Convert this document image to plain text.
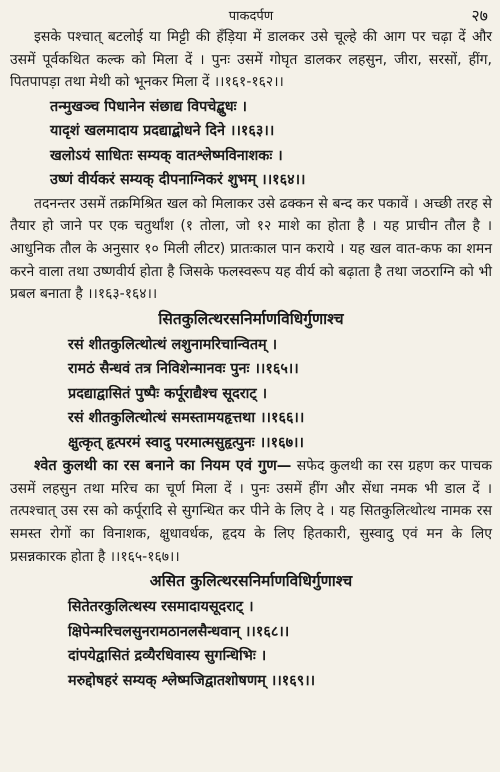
पाकदर्पण	२७

इसके पश्चात् बटलोई या मिट्टी की हँड़िया में डालकर उसे चूल्हे की आग पर चढ़ा दें और उसमें पूर्वकथित कल्क को मिला दें । पुनः उसमें गोघृत डालकर लहसुन, जीरा, सरसों, हींग, पितपापड़ा तथा मेथी को भूनकर मिला दें ।।१६१-१६२।।

तन्मुखञ्च पिधानेन संछाद्य विपचेद्बुधः ।

यादृशं खलमादाय प्रदद्याद्बोधने दिने ।।१६३।।

खलोऽयं साधितः सम्यक् वातश्लेष्मविनाशकः ।

उष्णं वीर्यकरं सम्यक् दीपनाग्निकरं शुभम् ।।१६४।।

तदनन्तर उसमें तक्रमिश्रित खल को मिलाकर उसे ढक्कन से बन्द कर पकावें । अच्छी तरह से तैयार हो जाने पर एक चतुर्थांश (१ तोला, जो १२ माशे का होता है । यह प्राचीन तौल है । आधुनिक तौल के अनुसार १० मिली लीटर) प्रातःकाल पान कराये । यह खल वात-कफ का शमन करने वाला तथा उष्णवीर्य होता है जिसके फलस्वरूप यह वीर्य को बढ़ाता है तथा जठराग्नि को भी प्रबल बनाता है ।।१६३-१६४।।

सितकुलित्थरसनिर्माणविधिर्गुणाश्च

रसं शीतकुलित्थोत्थं लशुनामरिचान्वितम् ।

रामठं सैन्धवं तत्र निविशेन्मानवः पुनः ।।१६५।।

प्रदद्याद्वासितं पुष्पैः कर्पूराद्यैश्च सूदराट् ।

रसं शीतकुलित्थोत्थं समस्तामयहृत्तथा ।।१६६।।

क्षुत्कृत् हृत्परमं स्वादु परमात्मसुहृत्पुनः ।।१६७।।

श्वेत कुलथी का रस बनाने का नियम एवं गुण— सफेद कुलथी का रस ग्रहण कर पाचक उसमें लहसुन तथा मरिच का चूर्ण मिला दें । पुनः उसमें हींग और सेंधा नमक भी डाल दें । तत्पश्चात् उस रस को कर्पूरादि से सुगन्धित कर पीने के लिए दे । यह सितकुलित्थोत्थ नामक रस समस्त रोगों का विनाशक, क्षुधावर्धक, हृदय के लिए हितकारी, सुस्वादु एवं मन के लिए प्रसन्नकारक होता है ।।१६५-१६७।।

असित कुलित्थरसनिर्माणविधिर्गुणाश्च

सितेतरकुलित्थस्य रसमादायसूदराट् ।

क्षिपेन्मरिचलसुनरामठानलसैन्धवान् ।।१६८।।

दांपयेद्वासितं द्रव्यैरधिवास्य सुगन्धिभिः ।

मरुद्दोषहरं सम्यक् श्लेष्मजिद्वातशोषणम् ।।१६९।।
